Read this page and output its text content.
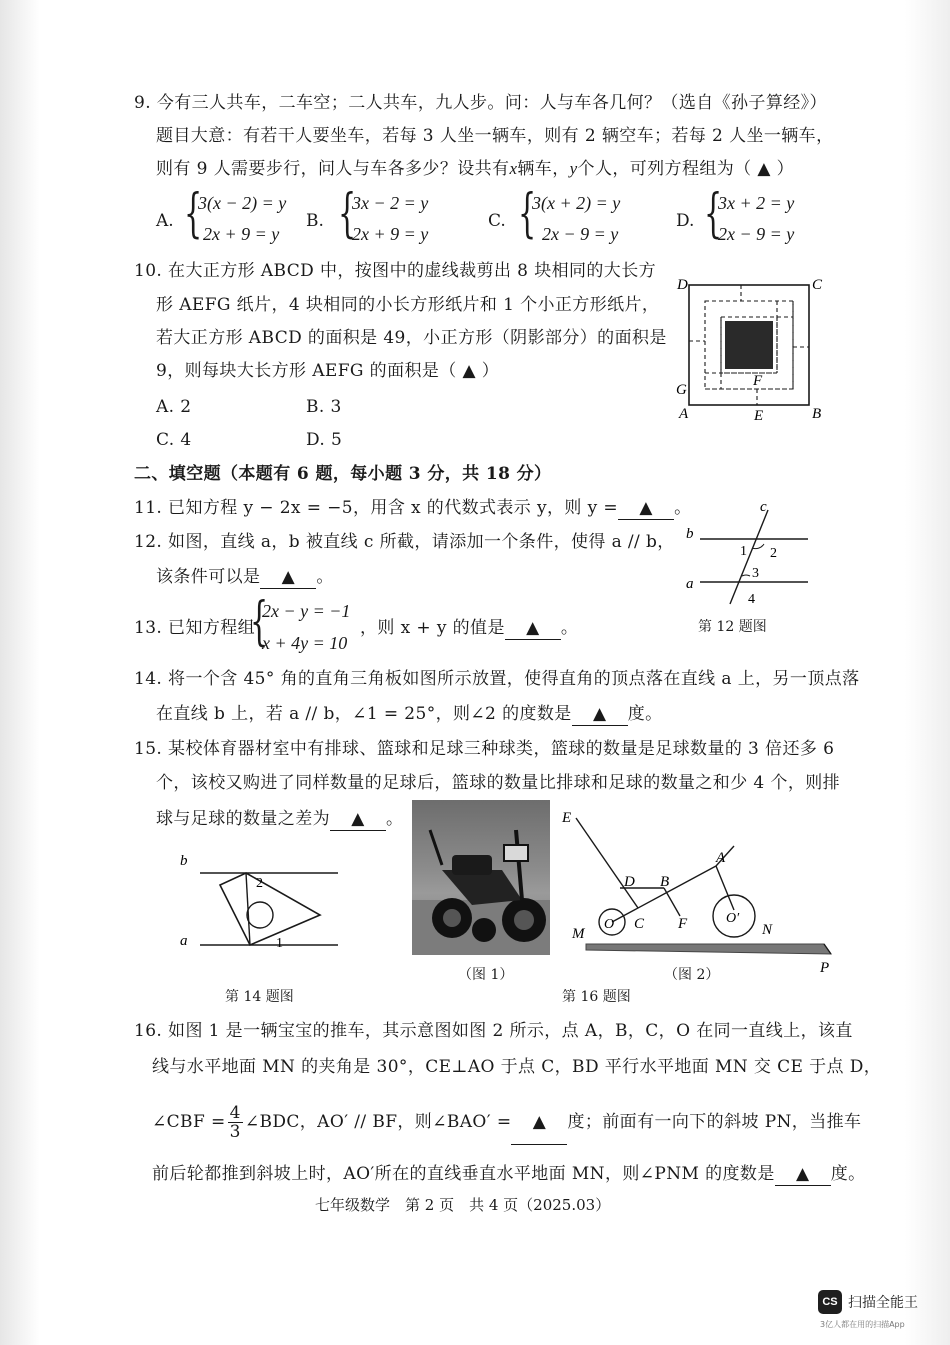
9. 今有三人共车，二车空；二人共车，九人步。问：人与车各几何？（选自《孙子算经》）
题目大意：有若干人要坐车，若每 3 人坐一辆车，则有 2 辆空车；若每 2 人坐一辆车，
则有 9 人需要步行，问人与车各多少？设共有x辆车，y个人，可列方程组为（ ▲ ）
A. {
3(x − 2) = y
2x + 9 = y
B. {
3x − 2 = y
2x + 9 = y
C. {
3(x + 2) = y
2x − 9 = y
D. {
3x + 2 = y
2x − 9 = y
10. 在大正方形 ABCD 中，按图中的虚线裁剪出 8 块相同的大长方
形 AEFG 纸片，4 块相同的小长方形纸片和 1 个小正方形纸片，
若大正方形 ABCD 的面积是 49，小正方形（阴影部分）的面积是
9，则每块大长方形 AEFG 的面积是（ ▲ ）
A. 2	B. 3
C. 4	D. 5
D	C
G
A	E
F
B
二、填空题（本题有 6 题，每小题 3 分，共 18 分）
11. 已知方程 y − 2x = −5，用含 x 的代数式表示 y，则 y = ▲ 。
12. 如图，直线 a，b 被直线 c 所截，请添加一个条件，使得 a // b，
该条件可以是 ▲ 。
c
b
a
1 2
3
4
第 12 题图
13. 已知方程组
{
2x − y = −1
x + 4y = 10
，则 x + y 的值是 ▲ 。
14. 将一个含 45° 角的直角三角板如图所示放置，使得直角的顶点落在直线 a 上，另一顶点落
在直线 b 上，若 a // b，∠1 = 25°，则∠2 的度数是 ▲ 度。
15. 某校体育器材室中有排球、篮球和足球三种球类，篮球的数量是足球数量的 3 倍还多 6
个，该校又购进了同样数量的足球后，篮球的数量比排球和足球的数量之和少 4 个，则排
球与足球的数量之差为 ▲ 。
b
a
2
1
第 14 题图
（图 1）
E
A
D B
O C F	O′
M	N
P
（图 2）
第 16 题图
16. 如图 1 是一辆宝宝的推车，其示意图如图 2 所示，点 A，B，C，O 在同一直线上，该直
线与水平地面 MN 的夹角是 30°，CE⊥AO 于点 C，BD 平行水平地面 MN 交 CE 于点 D，
∠CBF = $\frac{4}{3}$ ∠BDC，AO′ // BF，则∠BAO′ = ▲ 度；前面有一向下的斜坡 PN，当推车
前后轮都推到斜坡上时，AO′所在的直线垂直水平地面 MN，则∠PNM 的度数是 ▲ 度。
七年级数学　第 2 页　共 4 页（2025.03）
CS 扫描全能王
3亿人都在用的扫描App
